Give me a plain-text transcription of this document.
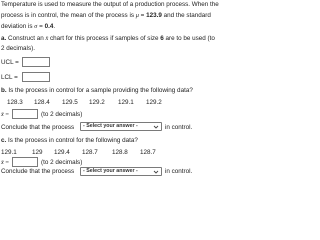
Temperature is used to measure the output of a production process. When the
process is in control, the mean of the process is μ = 123.9 and the standard
deviation is σ = 0.4.
a. Construct an x̄ chart for this process if samples of size 6 are to be used (to
2 decimals).
UCL =
LCL =
b. Is the process in control for a sample providing the following data?
128.3 128.4 129.5 129.2 129.1 129.2
x̄ =	(to 2 decimals)
Conclude that the process	- Select your answer -	in control.
c. Is the process in control for the following data?
129.1 129 129.4 128.7 128.8 128.7
x̄ =	(to 2 decimals)
Conclude that the process	- Select your answer -	in control.
